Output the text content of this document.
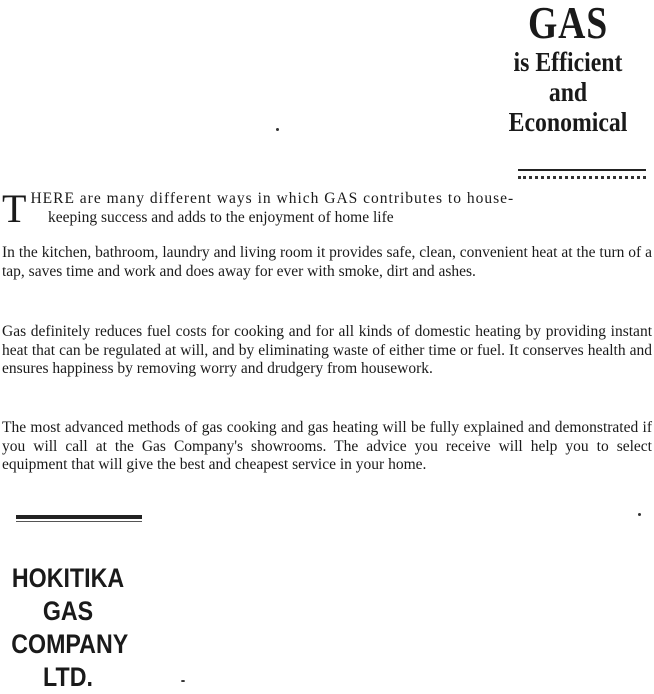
GAS
is Efficient
and
Economical

T HERE are many different ways in which GAS contributes to house-
keeping success and adds to the enjoyment of home life

In the kitchen, bathroom, laundry and living room it provides safe, clean, convenient heat at the turn of a tap, saves time and work and does away for ever with smoke, dirt and ashes.

Gas definitely reduces fuel costs for cooking and for all kinds of domestic heating by providing instant heat that can be regulated at will, and by eliminating waste of either time or fuel. It conserves health and ensures happiness by removing worry and drudgery from housework.

The most advanced methods of gas cooking and gas heating will be fully explained and demonstrated if you will call at the Gas Company's showrooms. The advice you receive will help you to select equipment that will give the best and cheapest service in your home.

HOKITIKA
GAS
COMPANY
LTD.
